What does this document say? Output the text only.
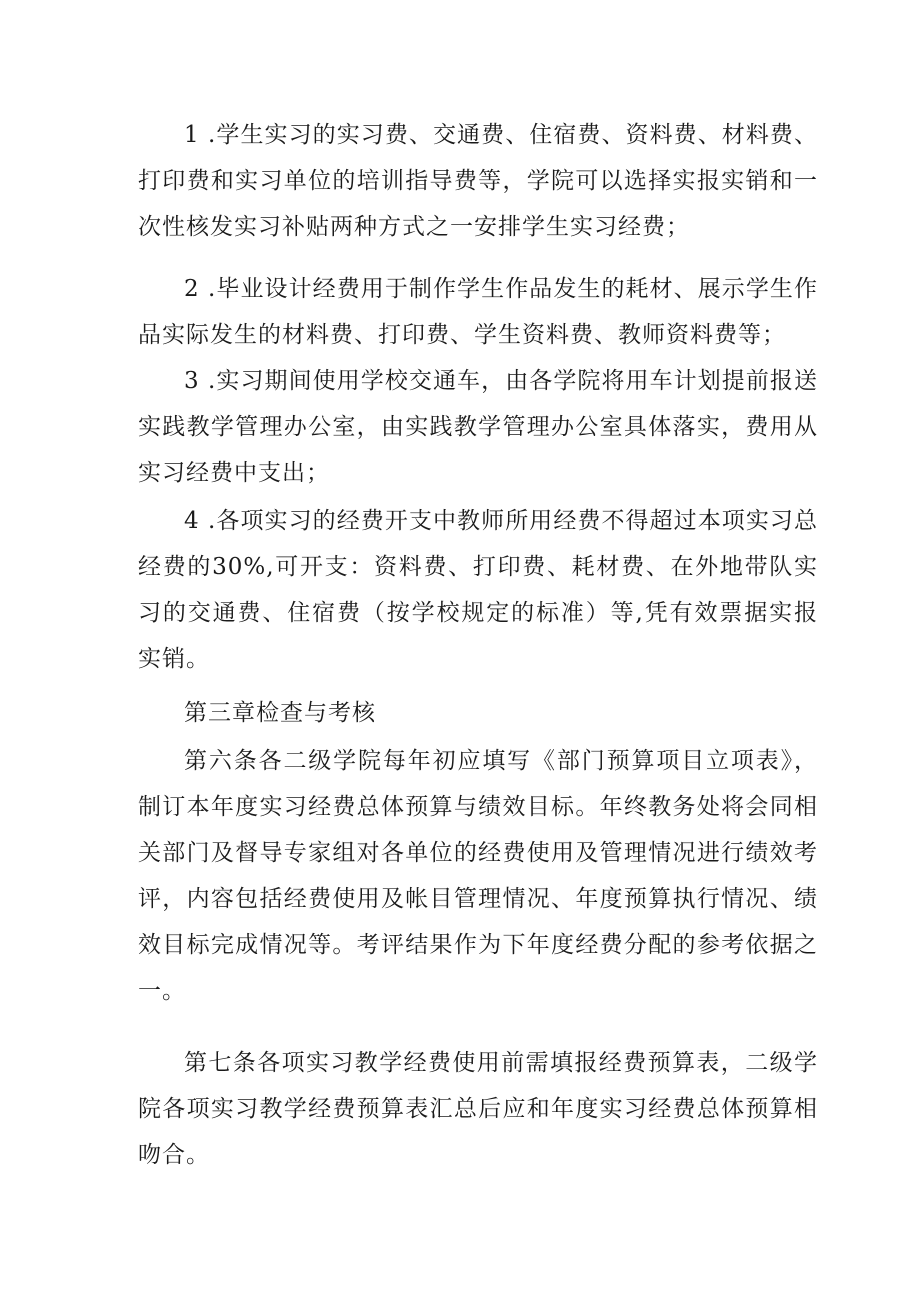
1 .学生实习的实习费、交通费、住宿费、资料费、材料费、打印费和实习单位的培训指导费等，学院可以选择实报实销和一次性核发实习补贴两种方式之一安排学生实习经费；

2 .毕业设计经费用于制作学生作品发生的耗材、展示学生作品实际发生的材料费、打印费、学生资料费、教师资料费等；

3 .实习期间使用学校交通车，由各学院将用车计划提前报送实践教学管理办公室，由实践教学管理办公室具体落实，费用从实习经费中支出；

4 .各项实习的经费开支中教师所用经费不得超过本项实习总经费的30%,可开支：资料费、打印费、耗材费、在外地带队实习的交通费、住宿费（按学校规定的标准）等,凭有效票据实报实销。

第三章检查与考核

第六条各二级学院每年初应填写《部门预算项目立项表》，制订本年度实习经费总体预算与绩效目标。年终教务处将会同相关部门及督导专家组对各单位的经费使用及管理情况进行绩效考评，内容包括经费使用及帐目管理情况、年度预算执行情况、绩效目标完成情况等。考评结果作为下年度经费分配的参考依据之一。

第七条各项实习教学经费使用前需填报经费预算表，二级学院各项实习教学经费预算表汇总后应和年度实习经费总体预算相吻合。
